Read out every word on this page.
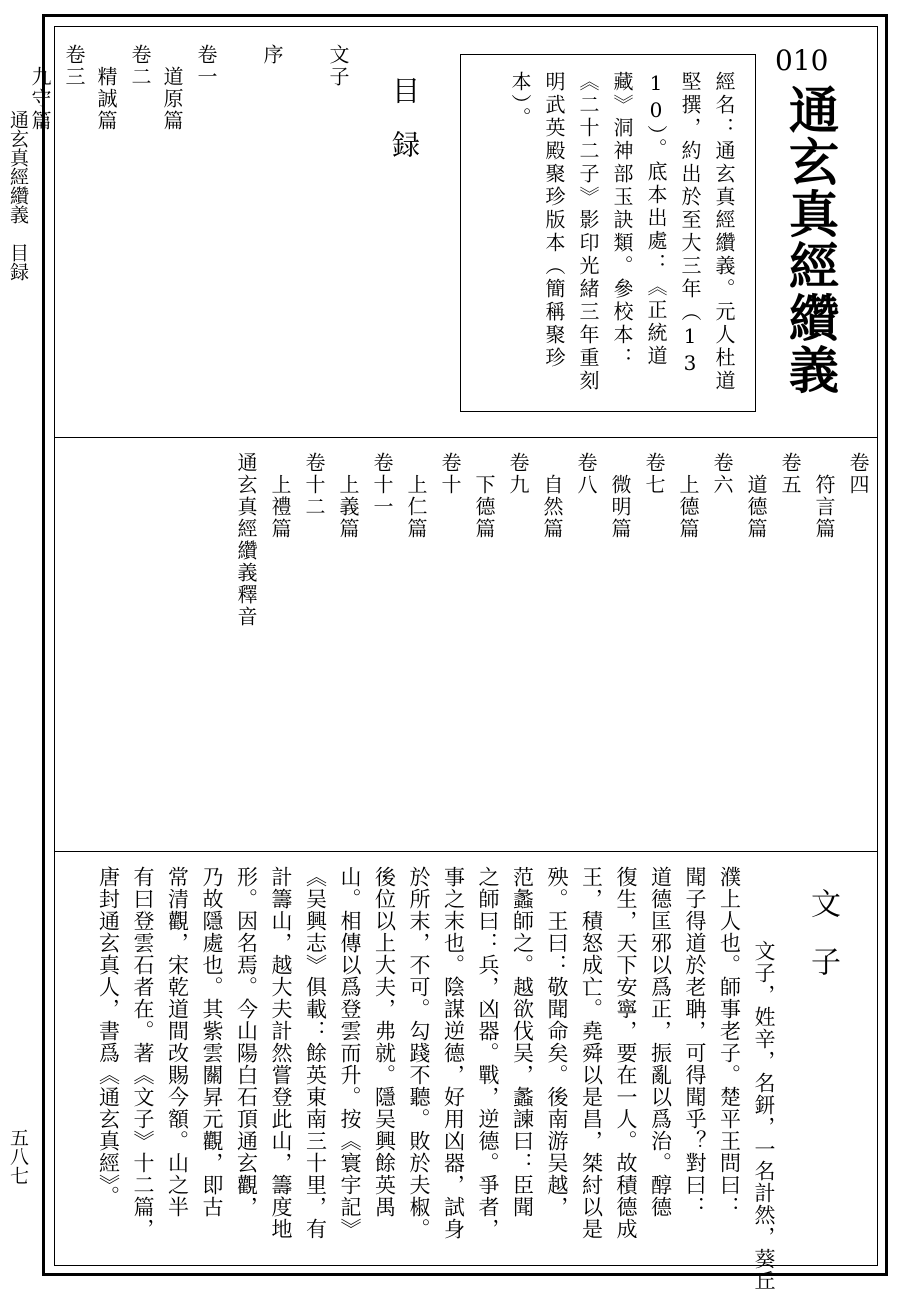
通玄真經纘義　目録
五八七
010
通玄真經纘義
經名：通玄真經纘義。元人杜道堅撰，約出於至大三年（1310）。底本出處：《正統道藏》洞神部玉訣類。參校本：《二十二子》影印光緒三年重刻明武英殿聚珍版本（簡稱聚珍本）。
目録
文子
序
卷一
道原篇
卷二
精誠篇
卷三
九守篇
卷四
符言篇
卷五
道德篇
卷六
上德篇
卷七
微明篇
卷八
自然篇
卷九
下德篇
卷十
上仁篇
卷十一
上義篇
卷十二
上禮篇
通玄真經纘義釋音
文子
文子，姓辛，名鈃，一名計然，葵丘
濮上人也。師事老子。楚平王問曰：
聞子得道於老聃，可得聞乎？對曰：
道德匡邪以爲正，振亂以爲治。醇德
復生，天下安寧，要在一人。故積德成
王，積怒成亡。堯舜以是昌，桀紂以是
殃。王曰：敬聞命矣。後南游吴越，
范蠡師之。越欲伐吴，蠡諫曰：臣聞
之師曰：兵，凶器。戰，逆德。爭者，
事之末也。陰謀逆德，好用凶器，試身
於所末，不可。勾踐不聽。敗於夫椒。
後位以上大夫，弗就。隱吴興餘英禺
山。相傳以爲登雲而升。按《寰宇記》
《吴興志》俱載：餘英東南三十里，有
計籌山，越大夫計然嘗登此山，籌度地
形。因名焉。今山陽白石頂通玄觀，
乃故隱處也。其紫雲關昇元觀，即古
常清觀，宋乾道間改賜今額。山之半
有曰登雲石者在。著《文子》十二篇，
唐封通玄真人，書爲《通玄真經》。
